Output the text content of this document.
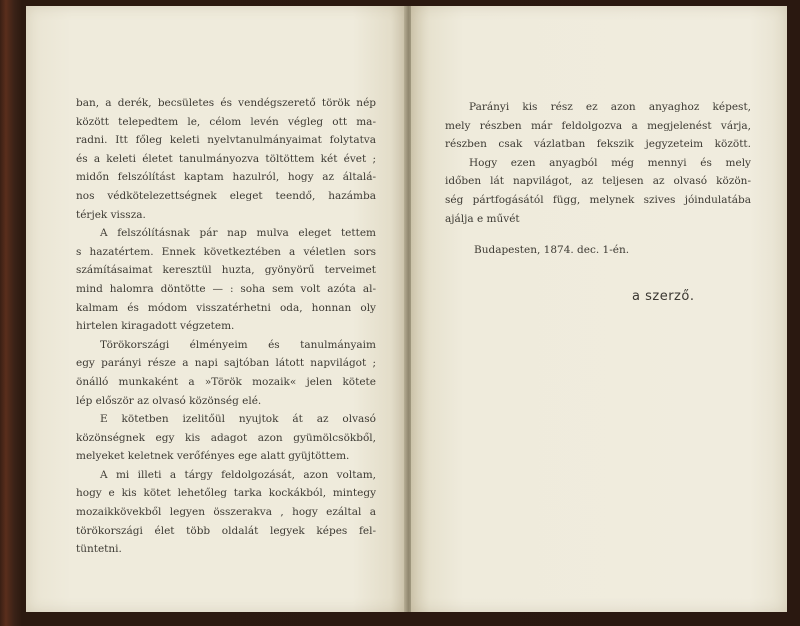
ban, a derék, becsületes és vendégszerető török nép
között telepedtem le, célom levén végleg ott ma-
radni. Itt főleg keleti nyelvtanulmányaimat folytatva
és a keleti életet tanulmányozva töltöttem két évet ;
midőn felszólítást kaptam hazulról, hogy az általá-
nos védkötelezettségnek eleget teendő, hazámba
térjek vissza.
A felszólításnak pár nap mulva eleget tettem
s hazatértem. Ennek következtében a véletlen sors
számításaimat keresztül huzta, gyönyörű terveimet
mind halomra döntötte — : soha sem volt azóta al-
kalmam és módom visszatérhetni oda, honnan oly
hirtelen kiragadott végzetem.
Törökországi élményeim és tanulmányaim
egy parányi része a napi sajtóban látott napvilágot ;
önálló munkaként a »Török mozaik« jelen kötete
lép először az olvasó közönség elé.
E kötetben izelitőül nyujtok át az olvasó
közönségnek egy kis adagot azon gyümölcsökből,
melyeket keletnek verőfényes ege alatt gyüjtöttem.
A mi illeti a tárgy feldolgozását, azon voltam,
hogy e kis kötet lehetőleg tarka kockákból, mintegy
mozaikkövekből legyen összerakva , hogy ezáltal a
törökországi élet több oldalát legyek képes fel-
tüntetni.
Parányi kis rész ez azon anyaghoz képest,
mely részben már feldolgozva a megjelenést várja,
részben csak vázlatban fekszik jegyzeteim között.
Hogy ezen anyagból még mennyi és mely
időben lát napvilágot, az teljesen az olvasó közön-
ség pártfogásától függ, melynek szives jóindulatába
ajálja e művét
Budapesten, 1874. dec. 1-én.
a szerző.
